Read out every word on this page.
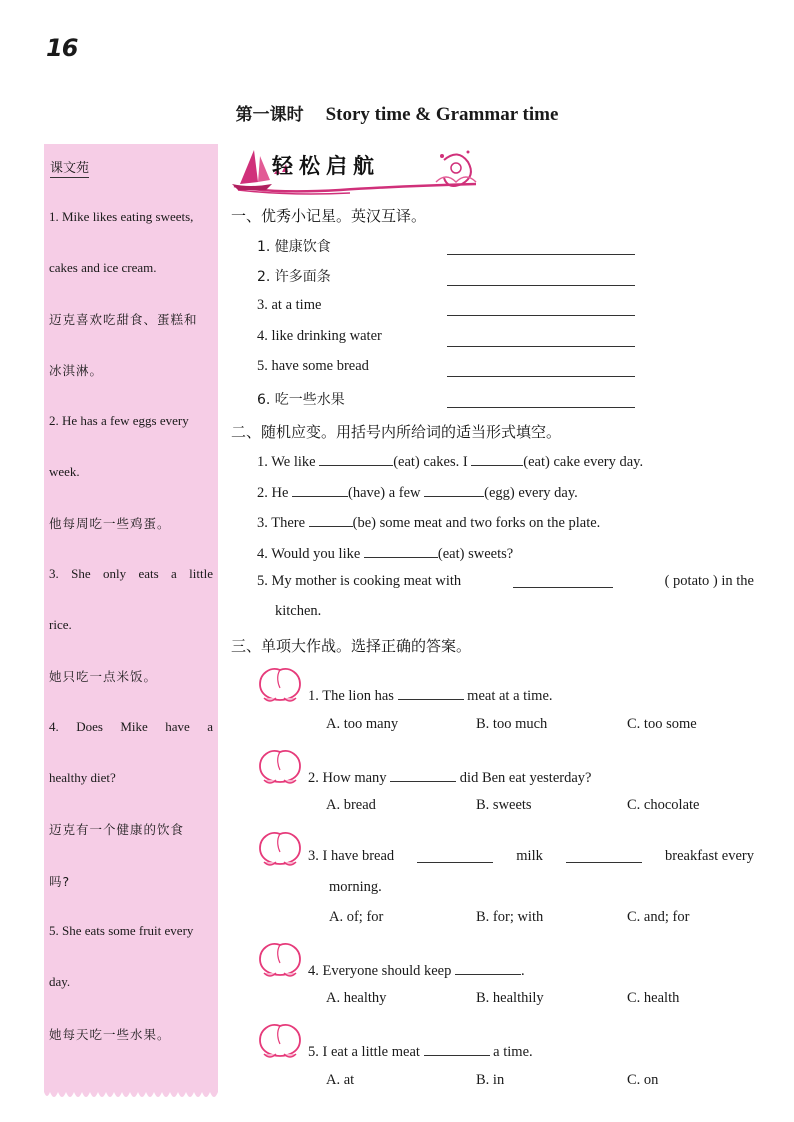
16
第一课时 Story time & Grammar time
课文苑
1. Mike likes eating sweets,
cakes and ice cream.
迈克喜欢吃甜食、蛋糕和
冰淇淋。
2. He has a few eggs every
week.
他每周吃一些鸡蛋。
3. She only eats a little
rice.
她只吃一点米饭。
4. Does Mike have a
healthy diet?
迈克有一个健康的饮食
吗?
5. She eats some fruit every
day.
她每天吃一些水果。
轻松启航
一、优秀小记星。英汉互译。
1. 健康饮食
2. 许多面条
3. at a time
4. like drinking water
5. have some bread
6. 吃一些水果
二、随机应变。用括号内所给词的适当形式填空。
1. We like	(eat) cakes. I	(eat) cake every day.
2. He	(have) a few	(egg) every day.
3. There	(be) some meat and two forks on the plate.
4. Would you like	(eat) sweets?
5. My mother is cooking meat with	( potato ) in the
kitchen.
三、单项大作战。选择正确的答案。
1. The lion has	meat at a time.
A. too many	B. too much	C. too some
2. How many	did Ben eat yesterday?
A. bread	B. sweets	C. chocolate
3. I have bread	milk	breakfast every
morning.
A. of; for	B. for; with	C. and; for
4. Everyone should keep	.
A. healthy	B. healthily	C. health
5. I eat a little meat	a time.
A. at	B. in	C. on
